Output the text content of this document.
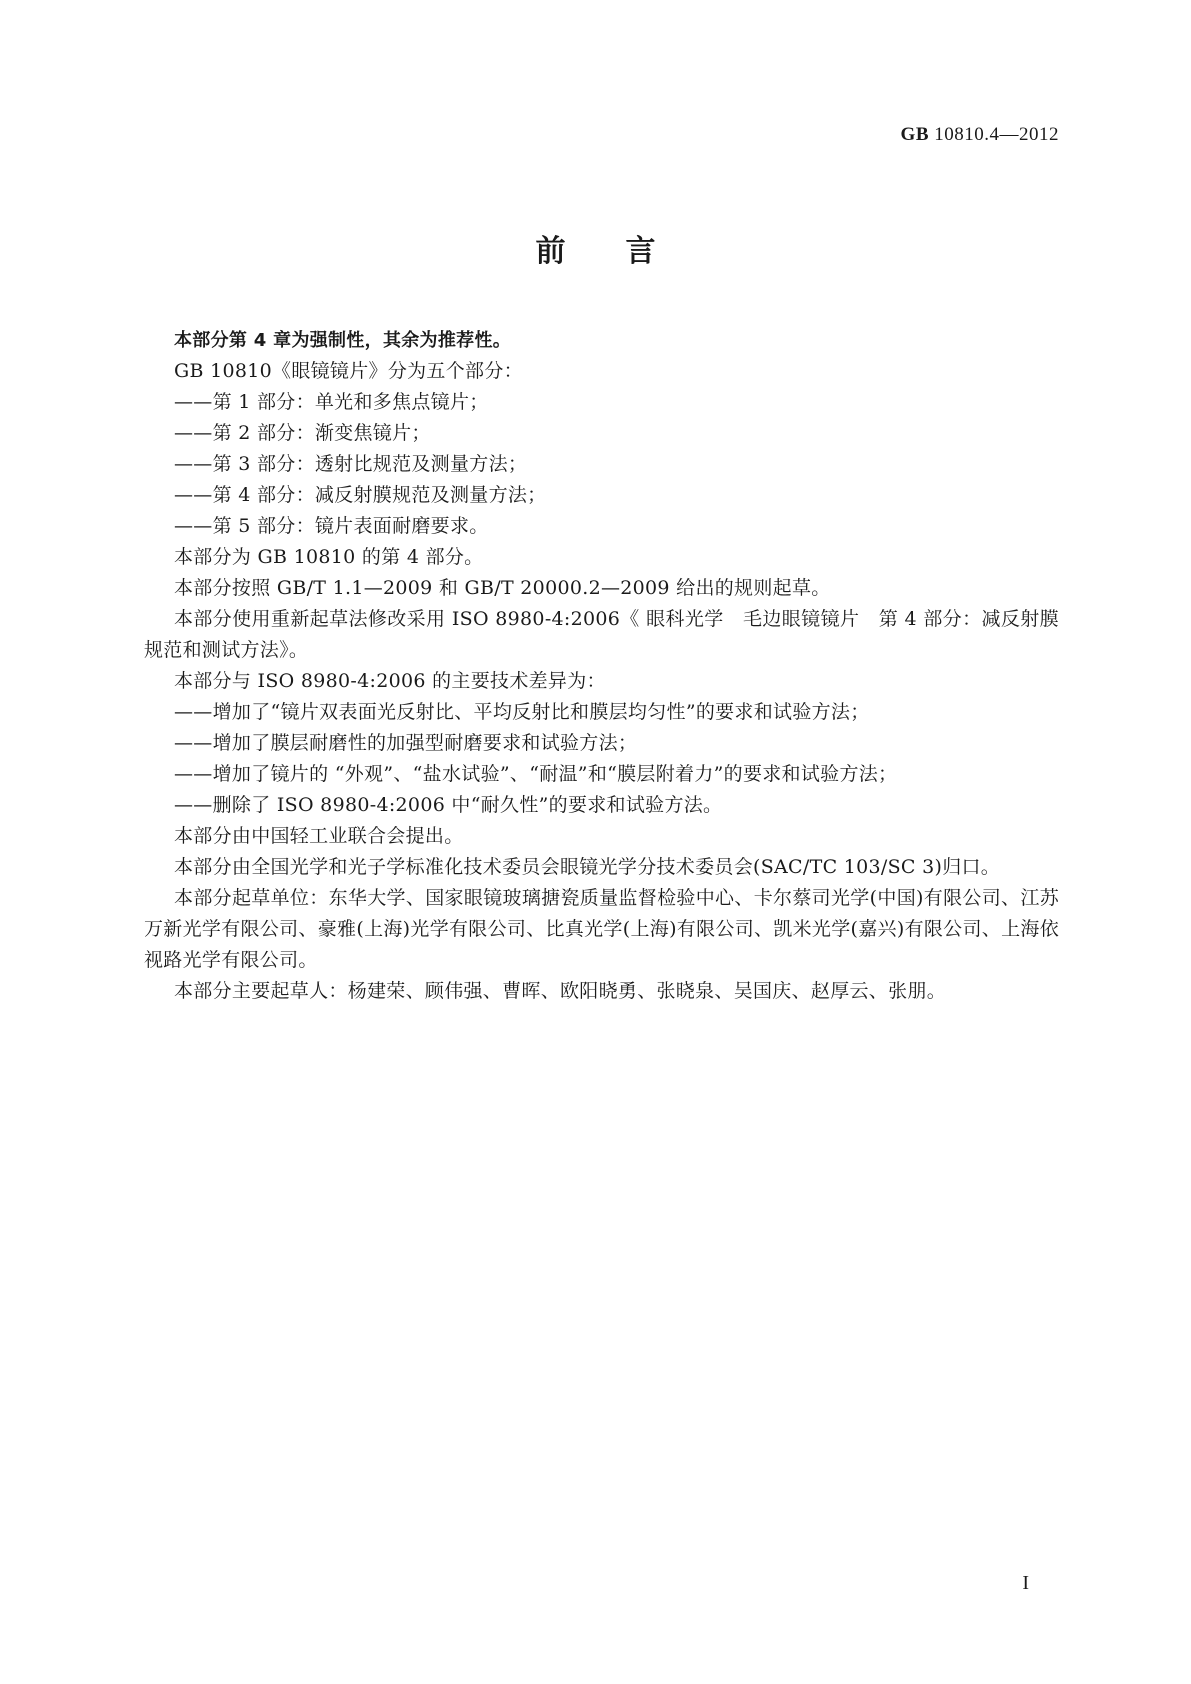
GB 10810.4—2012
前言

本部分第 4 章为强制性，其余为推荐性。

GB 10810《眼镜镜片》分为五个部分：

——第 1 部分：单光和多焦点镜片；

——第 2 部分：渐变焦镜片；

——第 3 部分：透射比规范及测量方法；

——第 4 部分：减反射膜规范及测量方法；

——第 5 部分：镜片表面耐磨要求。

本部分为 GB 10810 的第 4 部分。

本部分按照 GB/T 1.1—2009 和 GB/T 20000.2—2009 给出的规则起草。

本部分使用重新起草法修改采用 ISO 8980-4:2006《 眼科光学　毛边眼镜镜片　第 4 部分：减反射膜规范和测试方法》。

本部分与 ISO 8980-4:2006 的主要技术差异为：

——增加了“镜片双表面光反射比、平均反射比和膜层均匀性”的要求和试验方法；

——增加了膜层耐磨性的加强型耐磨要求和试验方法；

——增加了镜片的 “外观”、“盐水试验”、“耐温”和“膜层附着力”的要求和试验方法；

——删除了 ISO 8980-4:2006 中“耐久性”的要求和试验方法。

本部分由中国轻工业联合会提出。

本部分由全国光学和光子学标准化技术委员会眼镜光学分技术委员会(SAC/TC 103/SC 3)归口。

本部分起草单位：东华大学、国家眼镜玻璃搪瓷质量监督检验中心、卡尔蔡司光学(中国)有限公司、江苏万新光学有限公司、豪雅(上海)光学有限公司、比真光学(上海)有限公司、凯米光学(嘉兴)有限公司、上海依视路光学有限公司。

本部分主要起草人：杨建荣、顾伟强、曹晖、欧阳晓勇、张晓泉、吴国庆、赵厚云、张朋。

I
